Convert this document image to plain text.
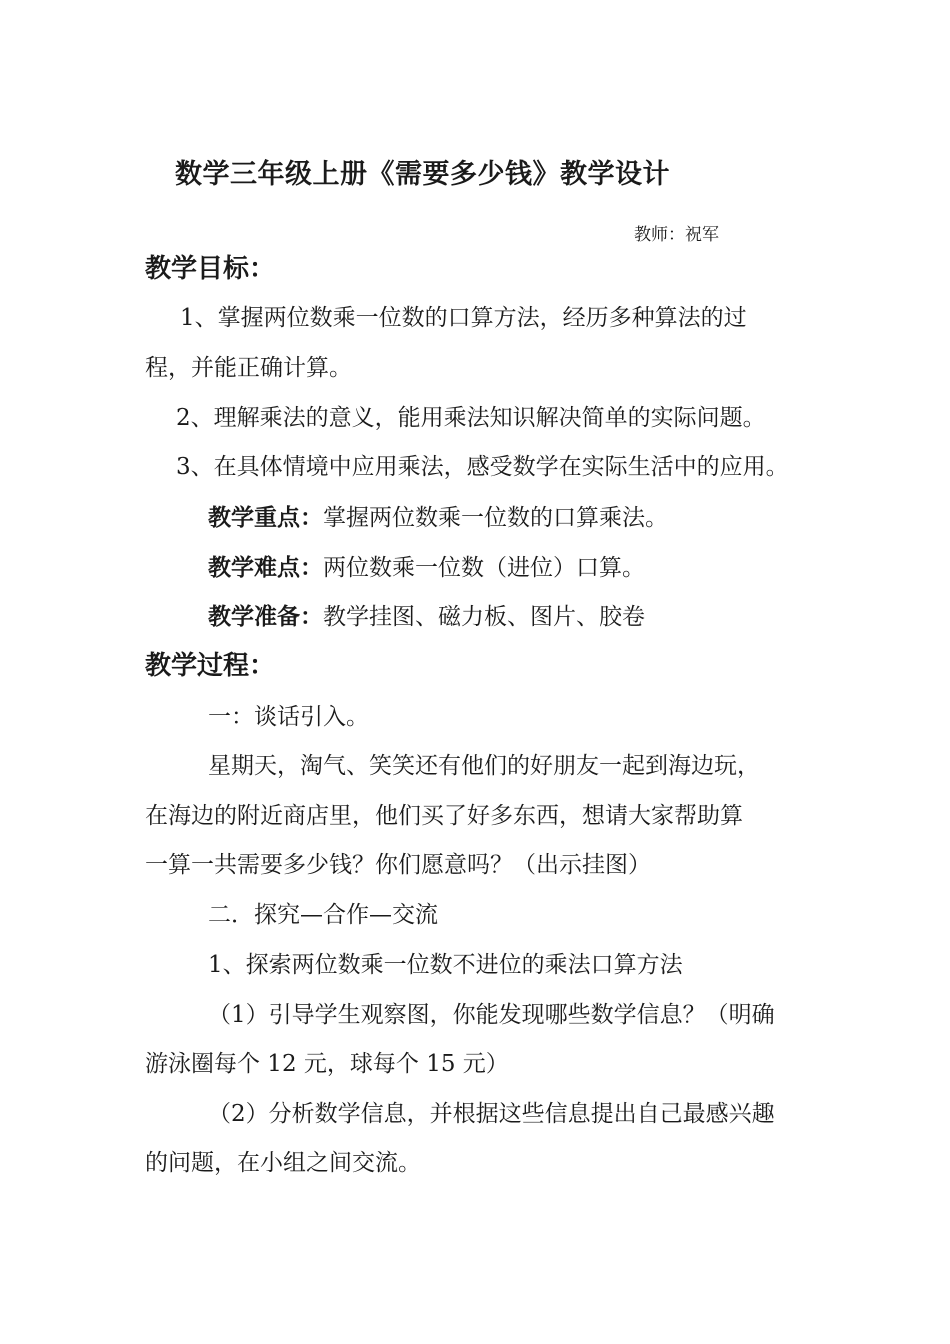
数学三年级上册《需要多少钱》教学设计
教师：祝军
教学目标：
1、掌握两位数乘一位数的口算方法，经历多种算法的过
程，并能正确计算。
2、理解乘法的意义，能用乘法知识解决简单的实际问题。
3、在具体情境中应用乘法，感受数学在实际生活中的应用。
教学重点：掌握两位数乘一位数的口算乘法。
教学难点：两位数乘一位数（进位）口算。
教学准备：教学挂图、磁力板、图片、胶卷
教学过程：
一：谈话引入。
星期天，淘气、笑笑还有他们的好朋友一起到海边玩，
在海边的附近商店里，他们买了好多东西，想请大家帮助算
一算一共需要多少钱？你们愿意吗？（出示挂图）
二．探究—合作—交流
1、探索两位数乘一位数不进位的乘法口算方法
（1）引导学生观察图，你能发现哪些数学信息？（明确
游泳圈每个 12 元，球每个 15 元）
（2）分析数学信息，并根据这些信息提出自己最感兴趣
的问题，在小组之间交流。
